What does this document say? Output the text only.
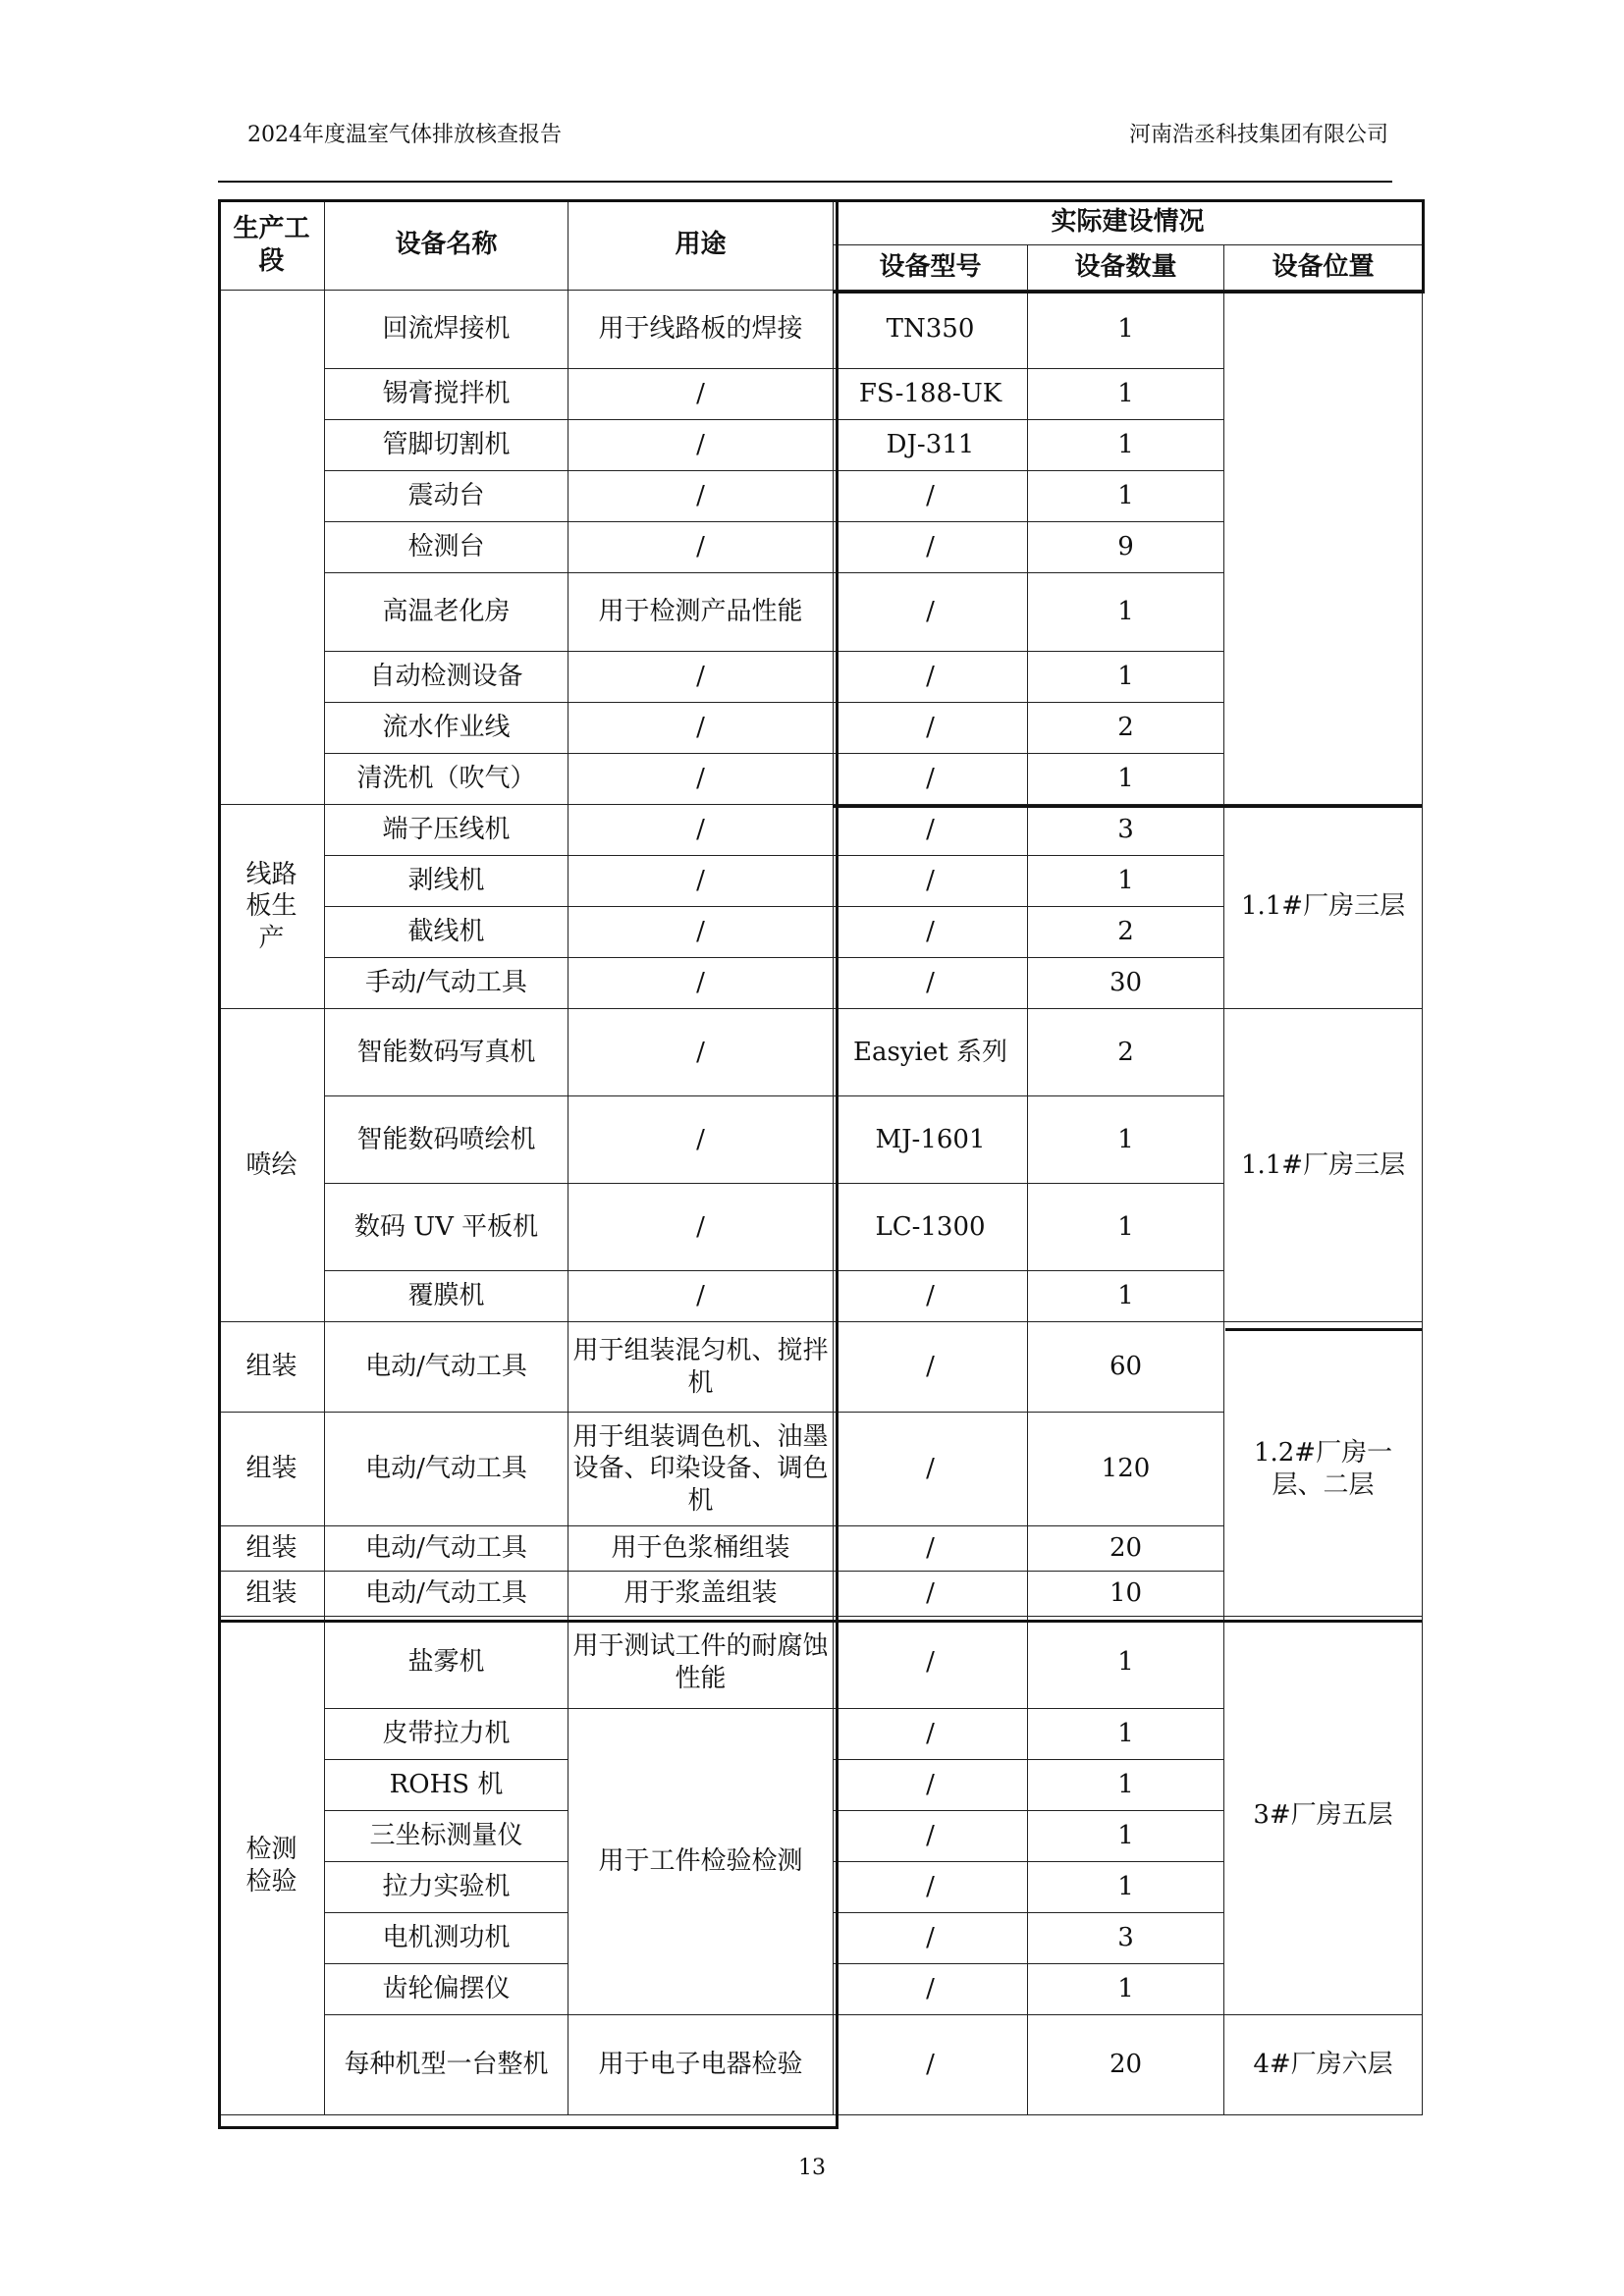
2024年度温室气体排放核查报告	河南浩丞科技集团有限公司
生产工段	设备名称	用途	实际建设情况		
			设备型号	设备数量	设备位置
	回流焊接机	用于线路板的焊接	TN350	1	
	锡膏搅拌机	/	FS-188-UK	1	
	管脚切割机	/	DJ-311	1	
	震动台	/	/	1	
	检测台	/	/	9	
	高温老化房	用于检测产品性能	/	1	
	自动检测设备	/	/	1	
	流水作业线	/	/	2	
	清洗机（吹气）	/	/	1	
线路板生产	端子压线机	/	/	3	1.1#厂房三层
	剥线机	/	/	1	
	截线机	/	/	2	
	手动/气动工具	/	/	30	
喷绘	智能数码写真机	/	Easyiet 系列	2	1.1#厂房三层
	智能数码喷绘机	/	MJ-1601	1	
	数码 UV 平板机	/	LC-1300	1	
	覆膜机	/	/	1	
组装	电动/气动工具	用于组装混匀机、搅拌机	/	60	1.2#厂房一层、二层
组装	电动/气动工具	用于组装调色机、油墨设备、印染设备、调色机	/	120	
组装	电动/气动工具	用于色浆桶组装	/	20	
组装	电动/气动工具	用于浆盖组装	/	10	
检测检验	盐雾机	用于测试工件的耐腐蚀性能	/	1	3#厂房五层
	皮带拉力机	用于工件检验检测	/	1	
	ROHS 机		/	1	
	三坐标测量仪		/	1	
	拉力实验机		/	1	
	电机测功机		/	3	
	齿轮偏摆仪		/	1	
	每种机型一台整机	用于电子电器检验	/	20	4#厂房六层
13
